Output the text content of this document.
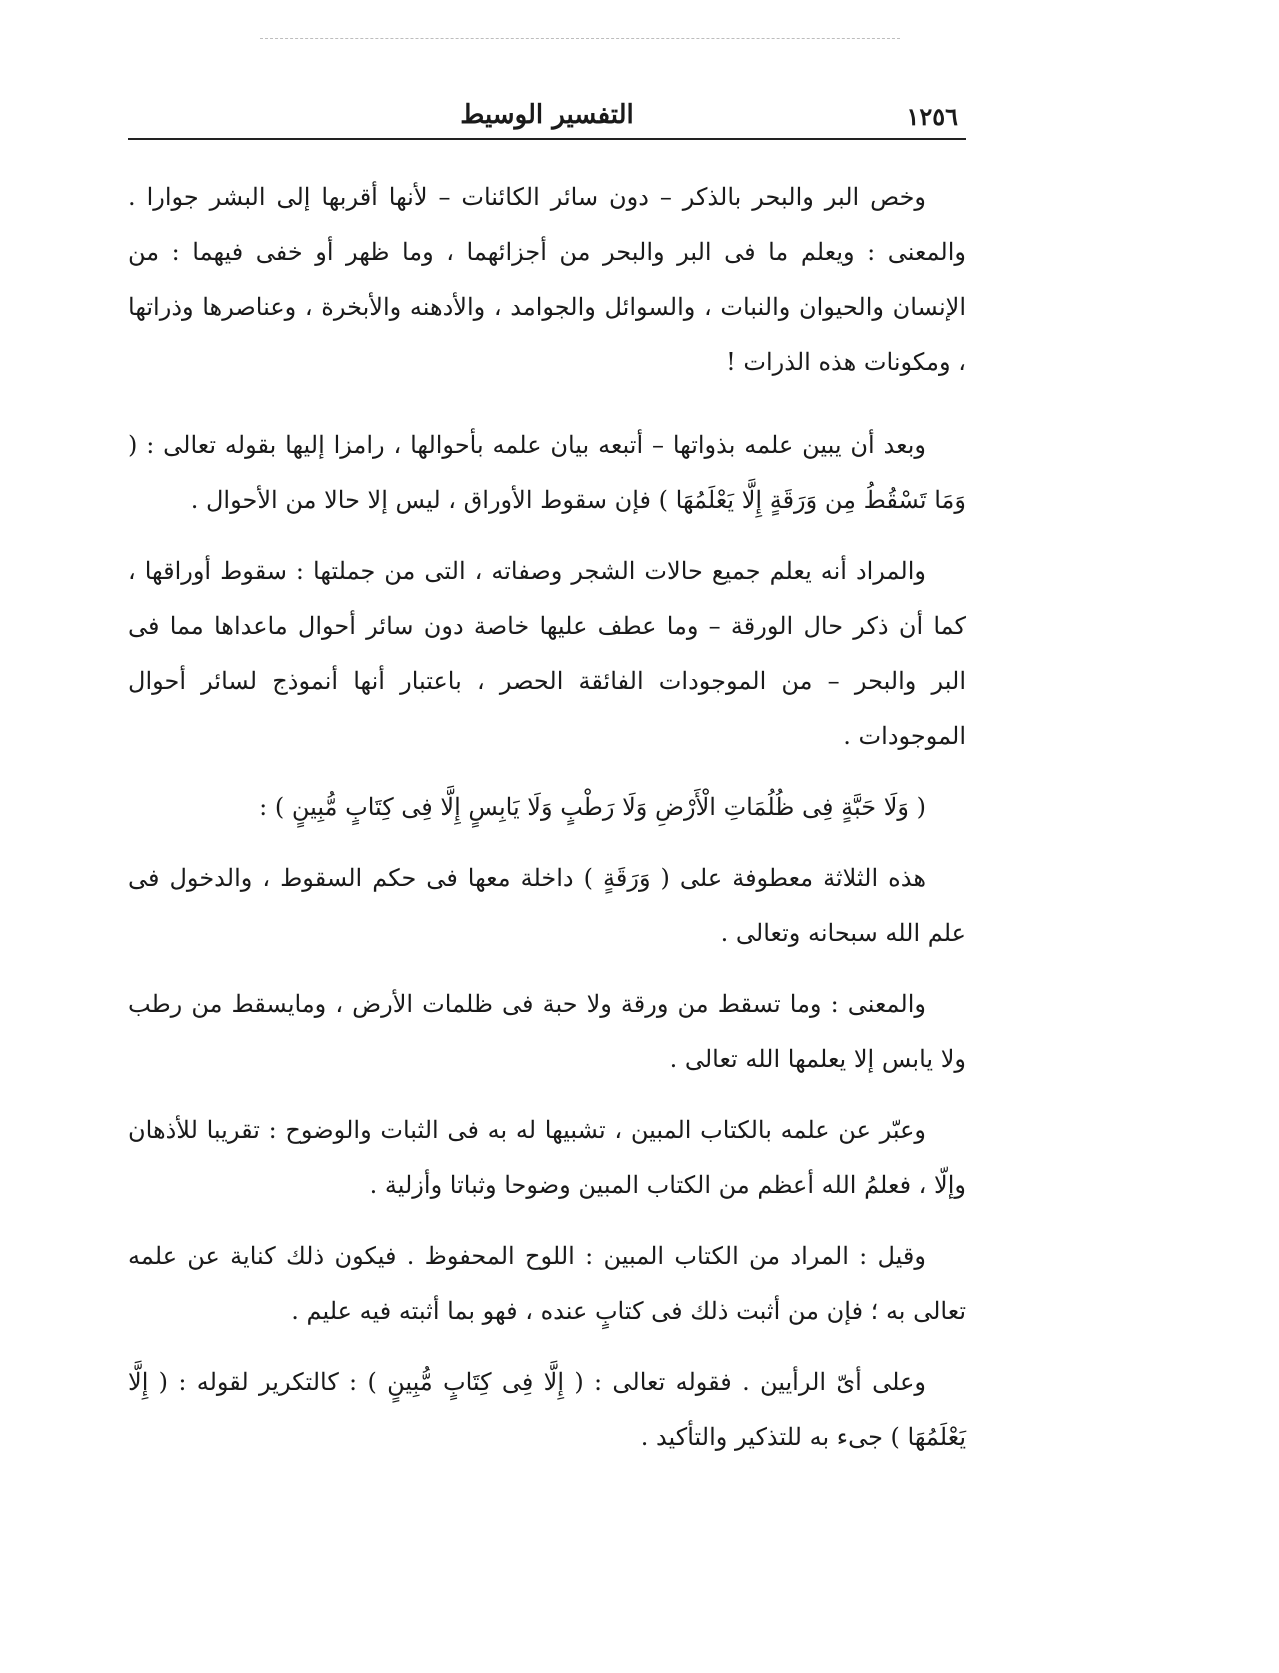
١٢٥٦
التفسير الوسيط

وخص البر والبحر بالذكر – دون سائر الكائنات – لأنها أقربها إلى البشر جوارا . والمعنى : ويعلم ما فى البر والبحر من أجزائهما ، وما ظهر أو خفى فيهما : من الإنسان والحيوان والنبات ، والسوائل والجوامد ، والأدهنه والأبخرة ، وعناصرها وذراتها ، ومكونات هذه الذرات !

وبعد أن يبين علمه بذواتها – أتبعه بيان علمه بأحوالها ، رامزا إليها بقوله تعالى : ( وَمَا تَسْقُطُ مِن وَرَقَةٍ إِلَّا يَعْلَمُهَا ) فإن سقوط الأوراق ، ليس إلا حالا من الأحوال .

والمراد أنه يعلم جميع حالات الشجر وصفاته ، التى من جملتها : سقوط أوراقها ، كما أن ذكر حال الورقة – وما عطف عليها خاصة دون سائر أحوال ماعداها مما فى البر والبحر – من الموجودات الفائقة الحصر ، باعتبار أنها أنموذج لسائر أحوال الموجودات .

( وَلَا حَبَّةٍ فِى ظُلُمَاتِ الْأَرْضِ وَلَا رَطْبٍ وَلَا يَابِسٍ إِلَّا فِى كِتَابٍ مُّبِينٍ ) :

هذه الثلاثة معطوفة على ( وَرَقَةٍ ) داخلة معها فى حكم السقوط ، والدخول فى علم الله سبحانه وتعالى .

والمعنى : وما تسقط من ورقة ولا حبة فى ظلمات الأرض ، ومايسقط من رطب ولا يابس إلا يعلمها الله تعالى .

وعبّر عن علمه بالكتاب المبين ، تشبيها له به فى الثبات والوضوح : تقريبا للأذهان وإلّا ، فعلمُ الله أعظم من الكتاب المبين وضوحا وثباتا وأزلية .

وقيل : المراد من الكتاب المبين : اللوح المحفوظ . فيكون ذلك كناية عن علمه تعالى به ؛ فإن من أثبت ذلك فى كتابٍ عنده ، فهو بما أثبته فيه عليم .

وعلى أىّ الرأيين . فقوله تعالى : ( إِلَّا فِى كِتَابٍ مُّبِينٍ ) : كالتكرير لقوله : ( إِلَّا يَعْلَمُهَا ) جىء به للتذكير والتأكيد .
